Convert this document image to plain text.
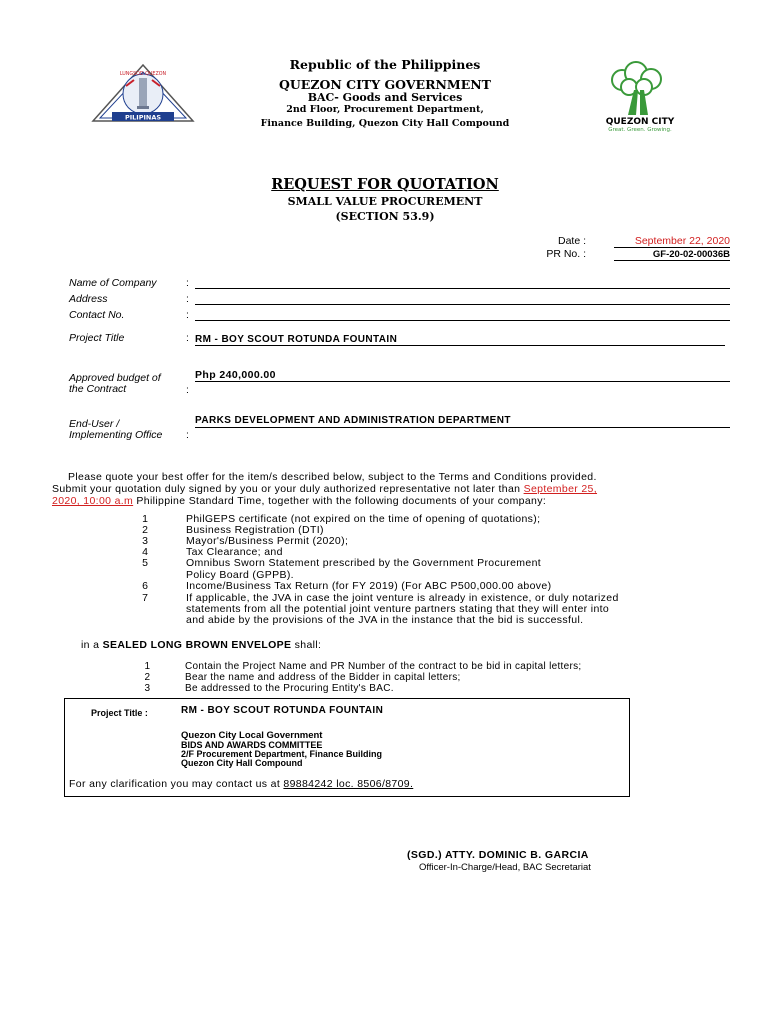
PILIPINAS
LUNGSOD QUEZON
QUEZON CITY
Great. Green. Growing.
Republic of the Philippines
QUEZON CITY GOVERNMENT
BAC- Goods and Services
2nd Floor, Procurement Department,
Finance Building, Quezon City Hall Compound
REQUEST FOR QUOTATION
SMALL VALUE PROCUREMENT
(SECTION 53.9)
Date :	September 22, 2020
PR No. :	GF-20-02-00036B
Name of Company	:
Address	:
Contact No.	:
Project Title	: RM - BOY SCOUT ROTUNDA FOUNTAIN
Approved budget of
the Contract	:
Php 240,000.00
End-User /
Implementing Office :
PARKS DEVELOPMENT AND ADMINISTRATION DEPARTMENT
Please quote your best offer for the item/s described below, subject to the Terms and Conditions provided.
Submit your quotation duly signed by you or your duly authorized representative not later than September 25,
2020, 10:00 a.m Philippine Standard Time, together with the following documents of your company:
1	PhilGEPS certificate (not expired on the time of opening of quotations);
2	Business Registration (DTI)
3	Mayor's/Business Permit (2020);
4	Tax Clearance; and
5	Omnibus Sworn Statement prescribed by the Government Procurement
Policy Board (GPPB).
6	Income/Business Tax Return (for FY 2019) (For ABC P500,000.00 above)
7	If applicable, the JVA in case the joint venture is already in existence, or duly notarized
statements from all the potential joint venture partners stating that they will enter into
and abide by the provisions of the JVA in the instance that the bid is successful.
in a SEALED LONG BROWN ENVELOPE shall:
1	Contain the Project Name and PR Number of the contract to be bid in capital letters;
2	Bear the name and address of the Bidder in capital letters;
3	Be addressed to the Procuring Entity's BAC.
Project Title :	RM - BOY SCOUT ROTUNDA FOUNTAIN
Quezon City Local Government
BIDS AND AWARDS COMMITTEE
2/F Procurement Department, Finance Building
Quezon City Hall Compound
For any clarification you may contact us at 89884242 loc. 8506/8709.
(SGD.) ATTY. DOMINIC B. GARCIA
Officer-In-Charge/Head, BAC Secretariat
